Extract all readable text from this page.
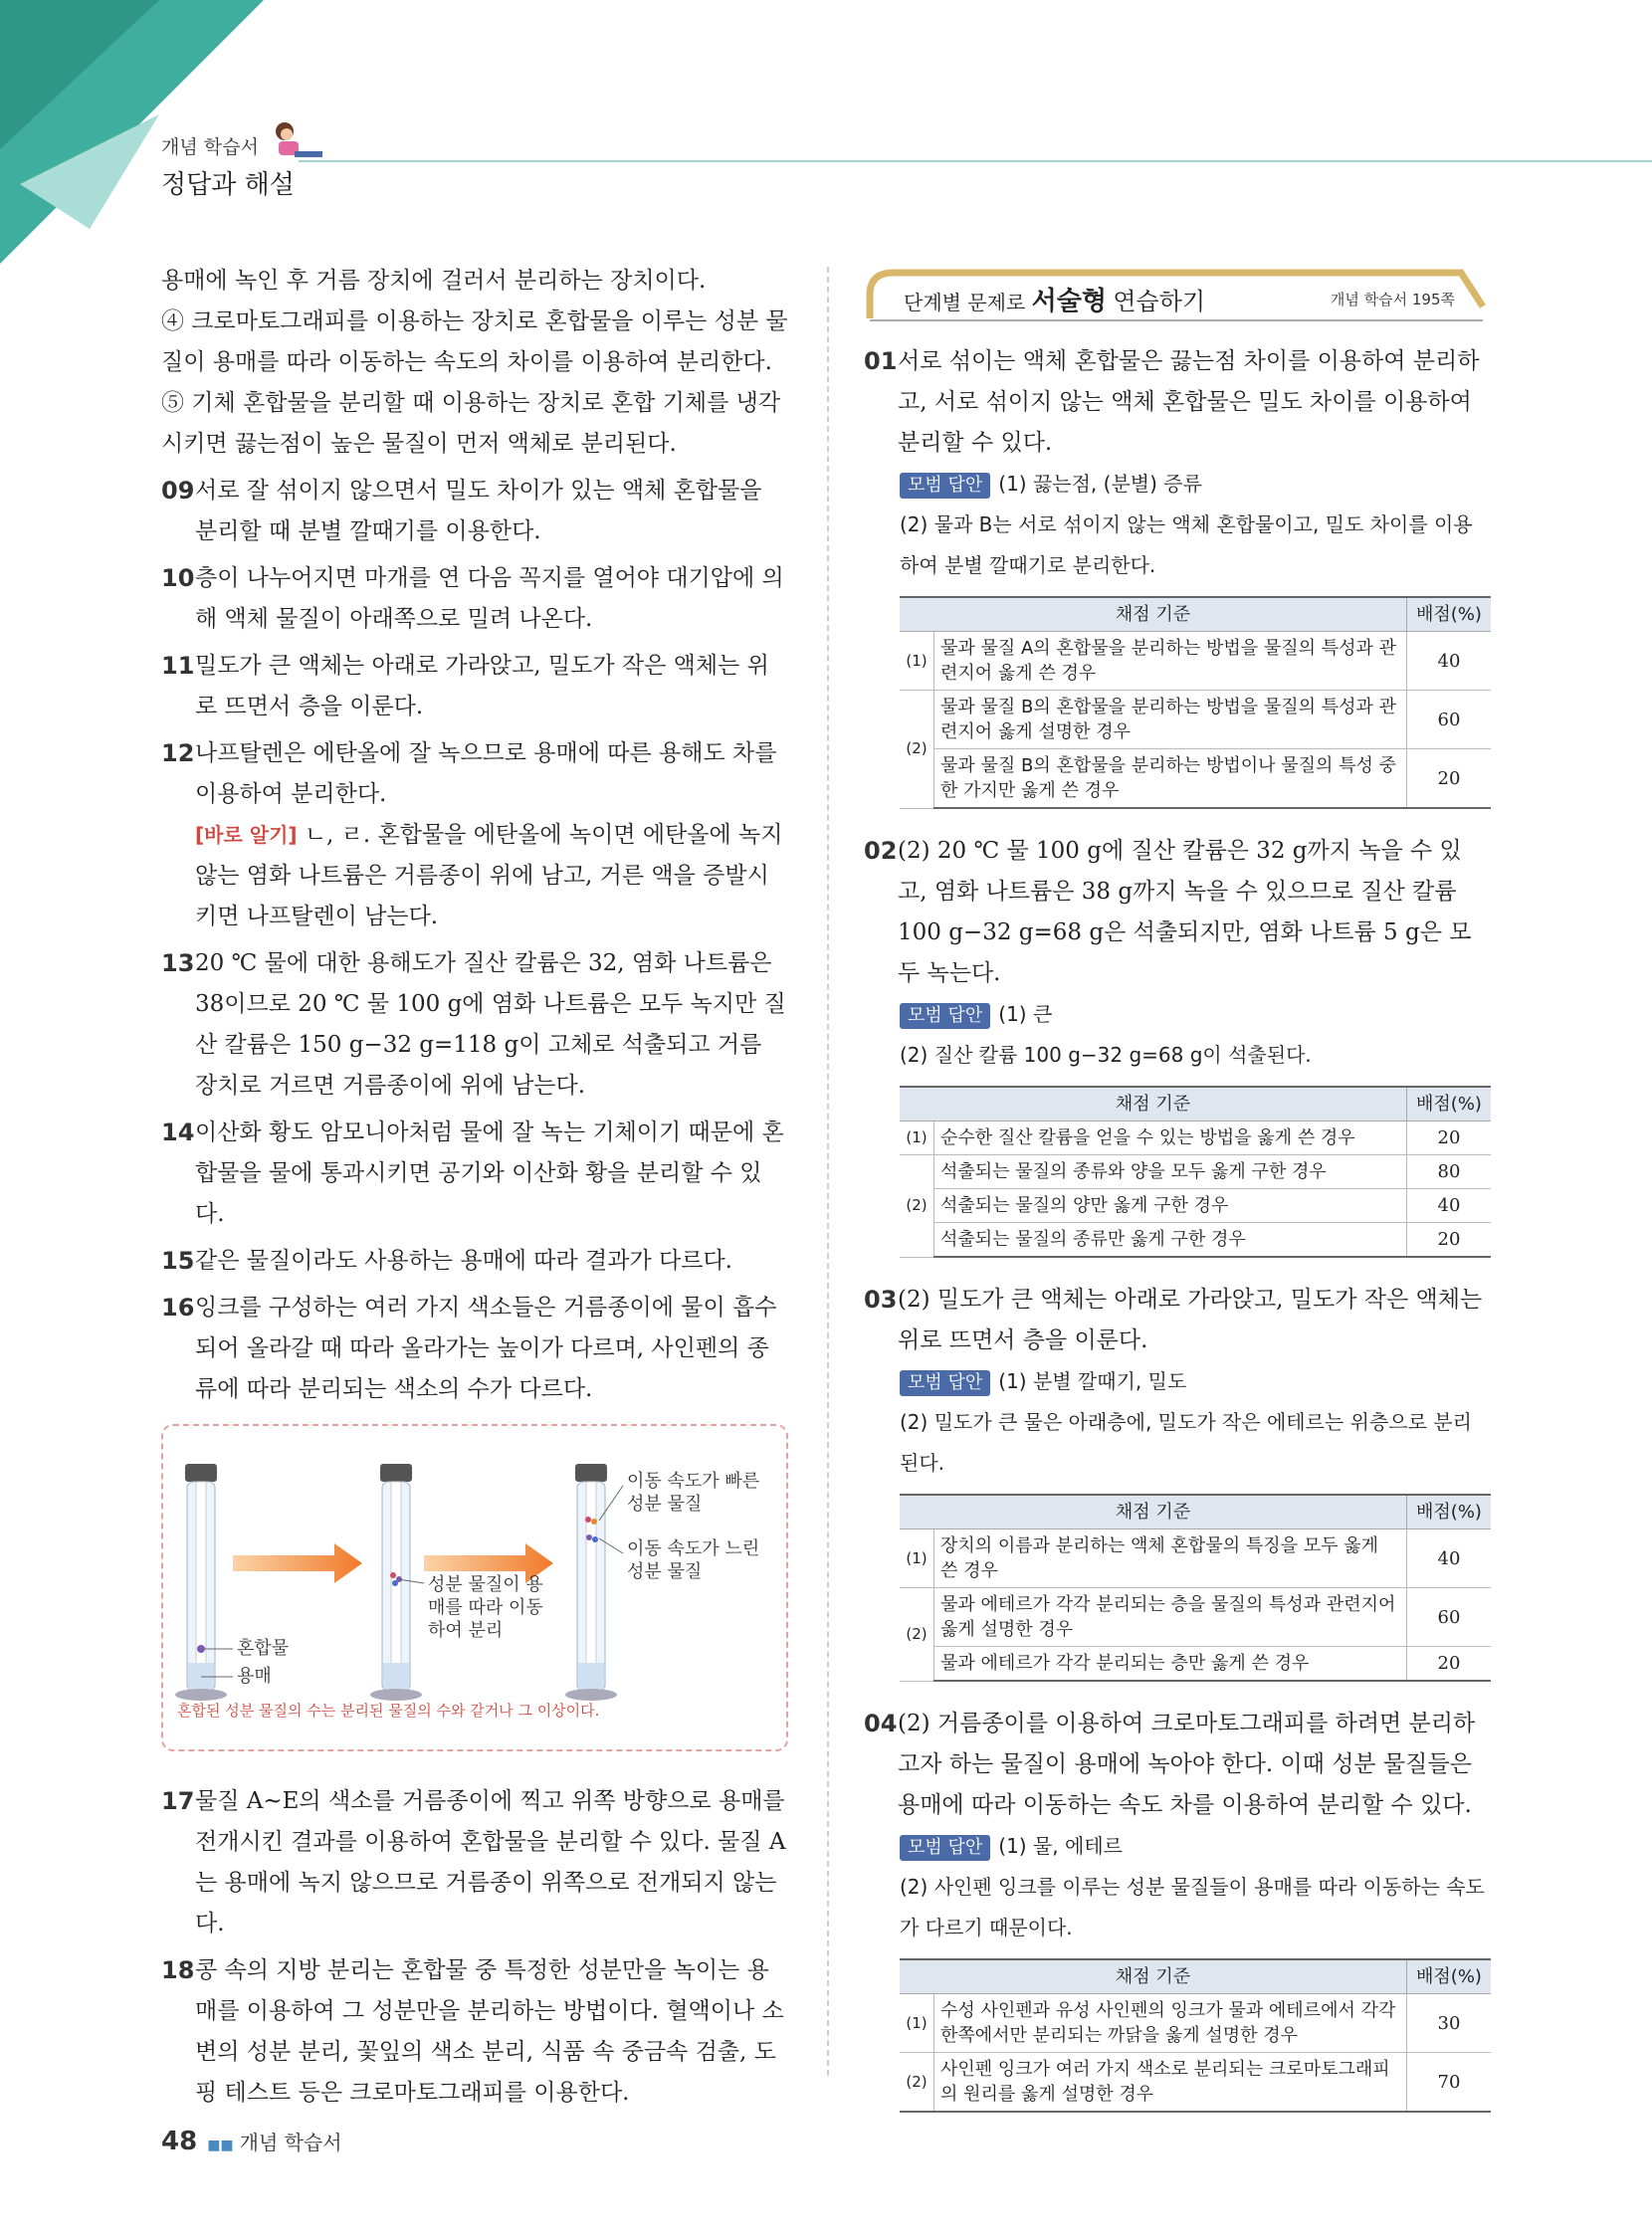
개념 학습서
정답과 해설

용매에 녹인 후 거름 장치에 걸러서 분리하는 장치이다.

④ 크로마토그래피를 이용하는 장치로 혼합물을 이루는 성분 물질이 용매를 따라 이동하는 속도의 차이를 이용하여 분리한다.

⑤ 기체 혼합물을 분리할 때 이용하는 장치로 혼합 기체를 냉각시키면 끓는점이 높은 물질이 먼저 액체로 분리된다.

09 서로 잘 섞이지 않으면서 밀도 차이가 있는 액체 혼합물을 분리할 때 분별 깔때기를 이용한다.

10 층이 나누어지면 마개를 연 다음 꼭지를 열어야 대기압에 의해 액체 물질이 아래쪽으로 밀려 나온다.

11 밀도가 큰 액체는 아래로 가라앉고, 밀도가 작은 액체는 위로 뜨면서 층을 이룬다.

12 나프탈렌은 에탄올에 잘 녹으므로 용매에 따른 용해도 차를 이용하여 분리한다.

[바로 알기] ㄴ, ㄹ. 혼합물을 에탄올에 녹이면 에탄올에 녹지 않는 염화 나트륨은 거름종이 위에 남고, 거른 액을 증발시키면 나프탈렌이 남는다.

13 20 ℃ 물에 대한 용해도가 질산 칼륨은 32, 염화 나트륨은 38이므로 20 ℃ 물 100 g에 염화 나트륨은 모두 녹지만 질산 칼륨은 150 g−32 g=118 g이 고체로 석출되고 거름 장치로 거르면 거름종이에 위에 남는다.

14 이산화 황도 암모니아처럼 물에 잘 녹는 기체이기 때문에 혼합물을 물에 통과시키면 공기와 이산화 황을 분리할 수 있다.

15 같은 물질이라도 사용하는 용매에 따라 결과가 다르다.

16 잉크를 구성하는 여러 가지 색소들은 거름종이에 물이 흡수되어 올라갈 때 따라 올라가는 높이가 다르며, 사인펜의 종류에 따라 분리되는 색소의 수가 다르다.

이동 속도가 빠른 성분 물질
이동 속도가 느린 성분 물질
혼합물
용매
성분 물질이 용매를 따라 이동하여 분리
혼합된 성분 물질의 수는 분리된 물질의 수와 같거나 그 이상이다.
17 물질 A~E의 색소를 거름종이에 찍고 위쪽 방향으로 용매를 전개시킨 결과를 이용하여 혼합물을 분리할 수 있다. 물질 A는 용매에 녹지 않으므로 거름종이 위쪽으로 전개되지 않는다.

18 콩 속의 지방 분리는 혼합물 중 특정한 성분만을 녹이는 용매를 이용하여 그 성분만을 분리하는 방법이다. 혈액이나 소변의 성분 분리, 꽃잎의 색소 분리, 식품 속 중금속 검출, 도핑 테스트 등은 크로마토그래피를 이용한다.

단계별 문제로 서술형 연습하기	개념 학습서 195쪽
01 서로 섞이는 액체 혼합물은 끓는점 차이를 이용하여 분리하고, 서로 섞이지 않는 액체 혼합물은 밀도 차이를 이용하여 분리할 수 있다.

모범 답안 (1) 끓는점, (분별) 증류
(2) 물과 B는 서로 섞이지 않는 액체 혼합물이고, 밀도 차이를 이용하여 분별 깔때기로 분리한다.
채점 기준		배점(%)
(1)	물과 물질 A의 혼합물을 분리하는 방법을 물질의 특성과 관련지어 옳게 쓴 경우	40
(2)	물과 물질 B의 혼합물을 분리하는 방법을 물질의 특성과 관련지어 옳게 설명한 경우	60
	물과 물질 B의 혼합물을 분리하는 방법이나 물질의 특성 중 한 가지만 옳게 쓴 경우	20
02 (2) 20 ℃ 물 100 g에 질산 칼륨은 32 g까지 녹을 수 있고, 염화 나트륨은 38 g까지 녹을 수 있으므로 질산 칼륨 100 g−32 g=68 g은 석출되지만, 염화 나트륨 5 g은 모두 녹는다.

모범 답안 (1) 큰
(2) 질산 칼륨 100 g−32 g=68 g이 석출된다.
채점 기준		배점(%)
(1)	순수한 질산 칼륨을 얻을 수 있는 방법을 옳게 쓴 경우	20
(2)	석출되는 물질의 종류와 양을 모두 옳게 구한 경우	80
	석출되는 물질의 양만 옳게 구한 경우	40
	석출되는 물질의 종류만 옳게 구한 경우	20
03 (2) 밀도가 큰 액체는 아래로 가라앉고, 밀도가 작은 액체는 위로 뜨면서 층을 이룬다.

모범 답안 (1) 분별 깔때기, 밀도
(2) 밀도가 큰 물은 아래층에, 밀도가 작은 에테르는 위층으로 분리된다.
채점 기준		배점(%)
(1)	장치의 이름과 분리하는 액체 혼합물의 특징을 모두 옳게 쓴 경우	40
(2)	물과 에테르가 각각 분리되는 층을 물질의 특성과 관련지어 옳게 설명한 경우	60
	물과 에테르가 각각 분리되는 층만 옳게 쓴 경우	20
04 (2) 거름종이를 이용하여 크로마토그래피를 하려면 분리하고자 하는 물질이 용매에 녹아야 한다. 이때 성분 물질들은 용매에 따라 이동하는 속도 차를 이용하여 분리할 수 있다.

모범 답안 (1) 물, 에테르
(2) 사인펜 잉크를 이루는 성분 물질들이 용매를 따라 이동하는 속도가 다르기 때문이다.
채점 기준		배점(%)
(1)	수성 사인펜과 유성 사인펜의 잉크가 물과 에테르에서 각각 한쪽에서만 분리되는 까닭을 옳게 설명한 경우	30
(2)	사인펜 잉크가 여러 가지 색소로 분리되는 크로마토그래피의 원리를 옳게 설명한 경우	70
48 ■■ 개념 학습서
